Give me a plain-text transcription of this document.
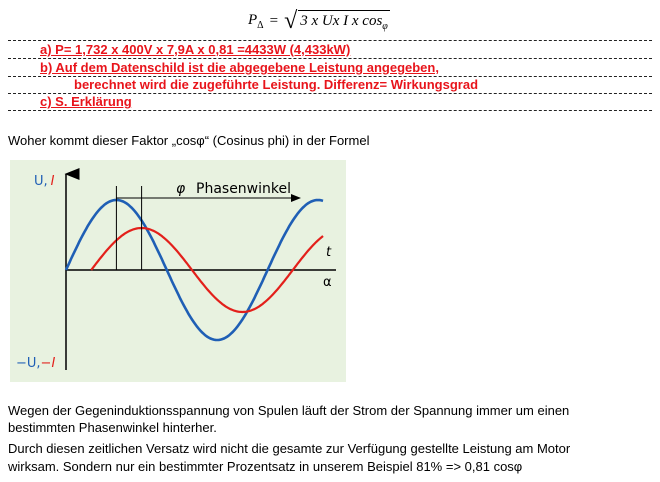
$P_\Delta$ = √ 3 x Ux I x $\cos_\varphi$
a) P= 1,732 x 400V x 7,9A x 0,81 =4433W (4,433kW)
b) Auf dem Datenschild ist die abgegebene Leistung angegeben,
berechnet wird die zugeführte Leistung. Differenz= Wirkungsgrad
c) S. Erklärung
Woher kommt dieser Faktor „cosφ“ (Cosinus phi) in der Formel
U, I
−U,−I
t
α
φ Phasenwinkel
Wegen der Gegeninduktionsspannung von Spulen läuft der Strom der Spannung immer um einen
bestimmten Phasenwinkel hinterher.
Durch diesen zeitlichen Versatz wird nicht die gesamte zur Verfügung gestellte Leistung am Motor
wirksam. Sondern nur ein bestimmter Prozentsatz in unserem Beispiel 81% => 0,81 cosφ
